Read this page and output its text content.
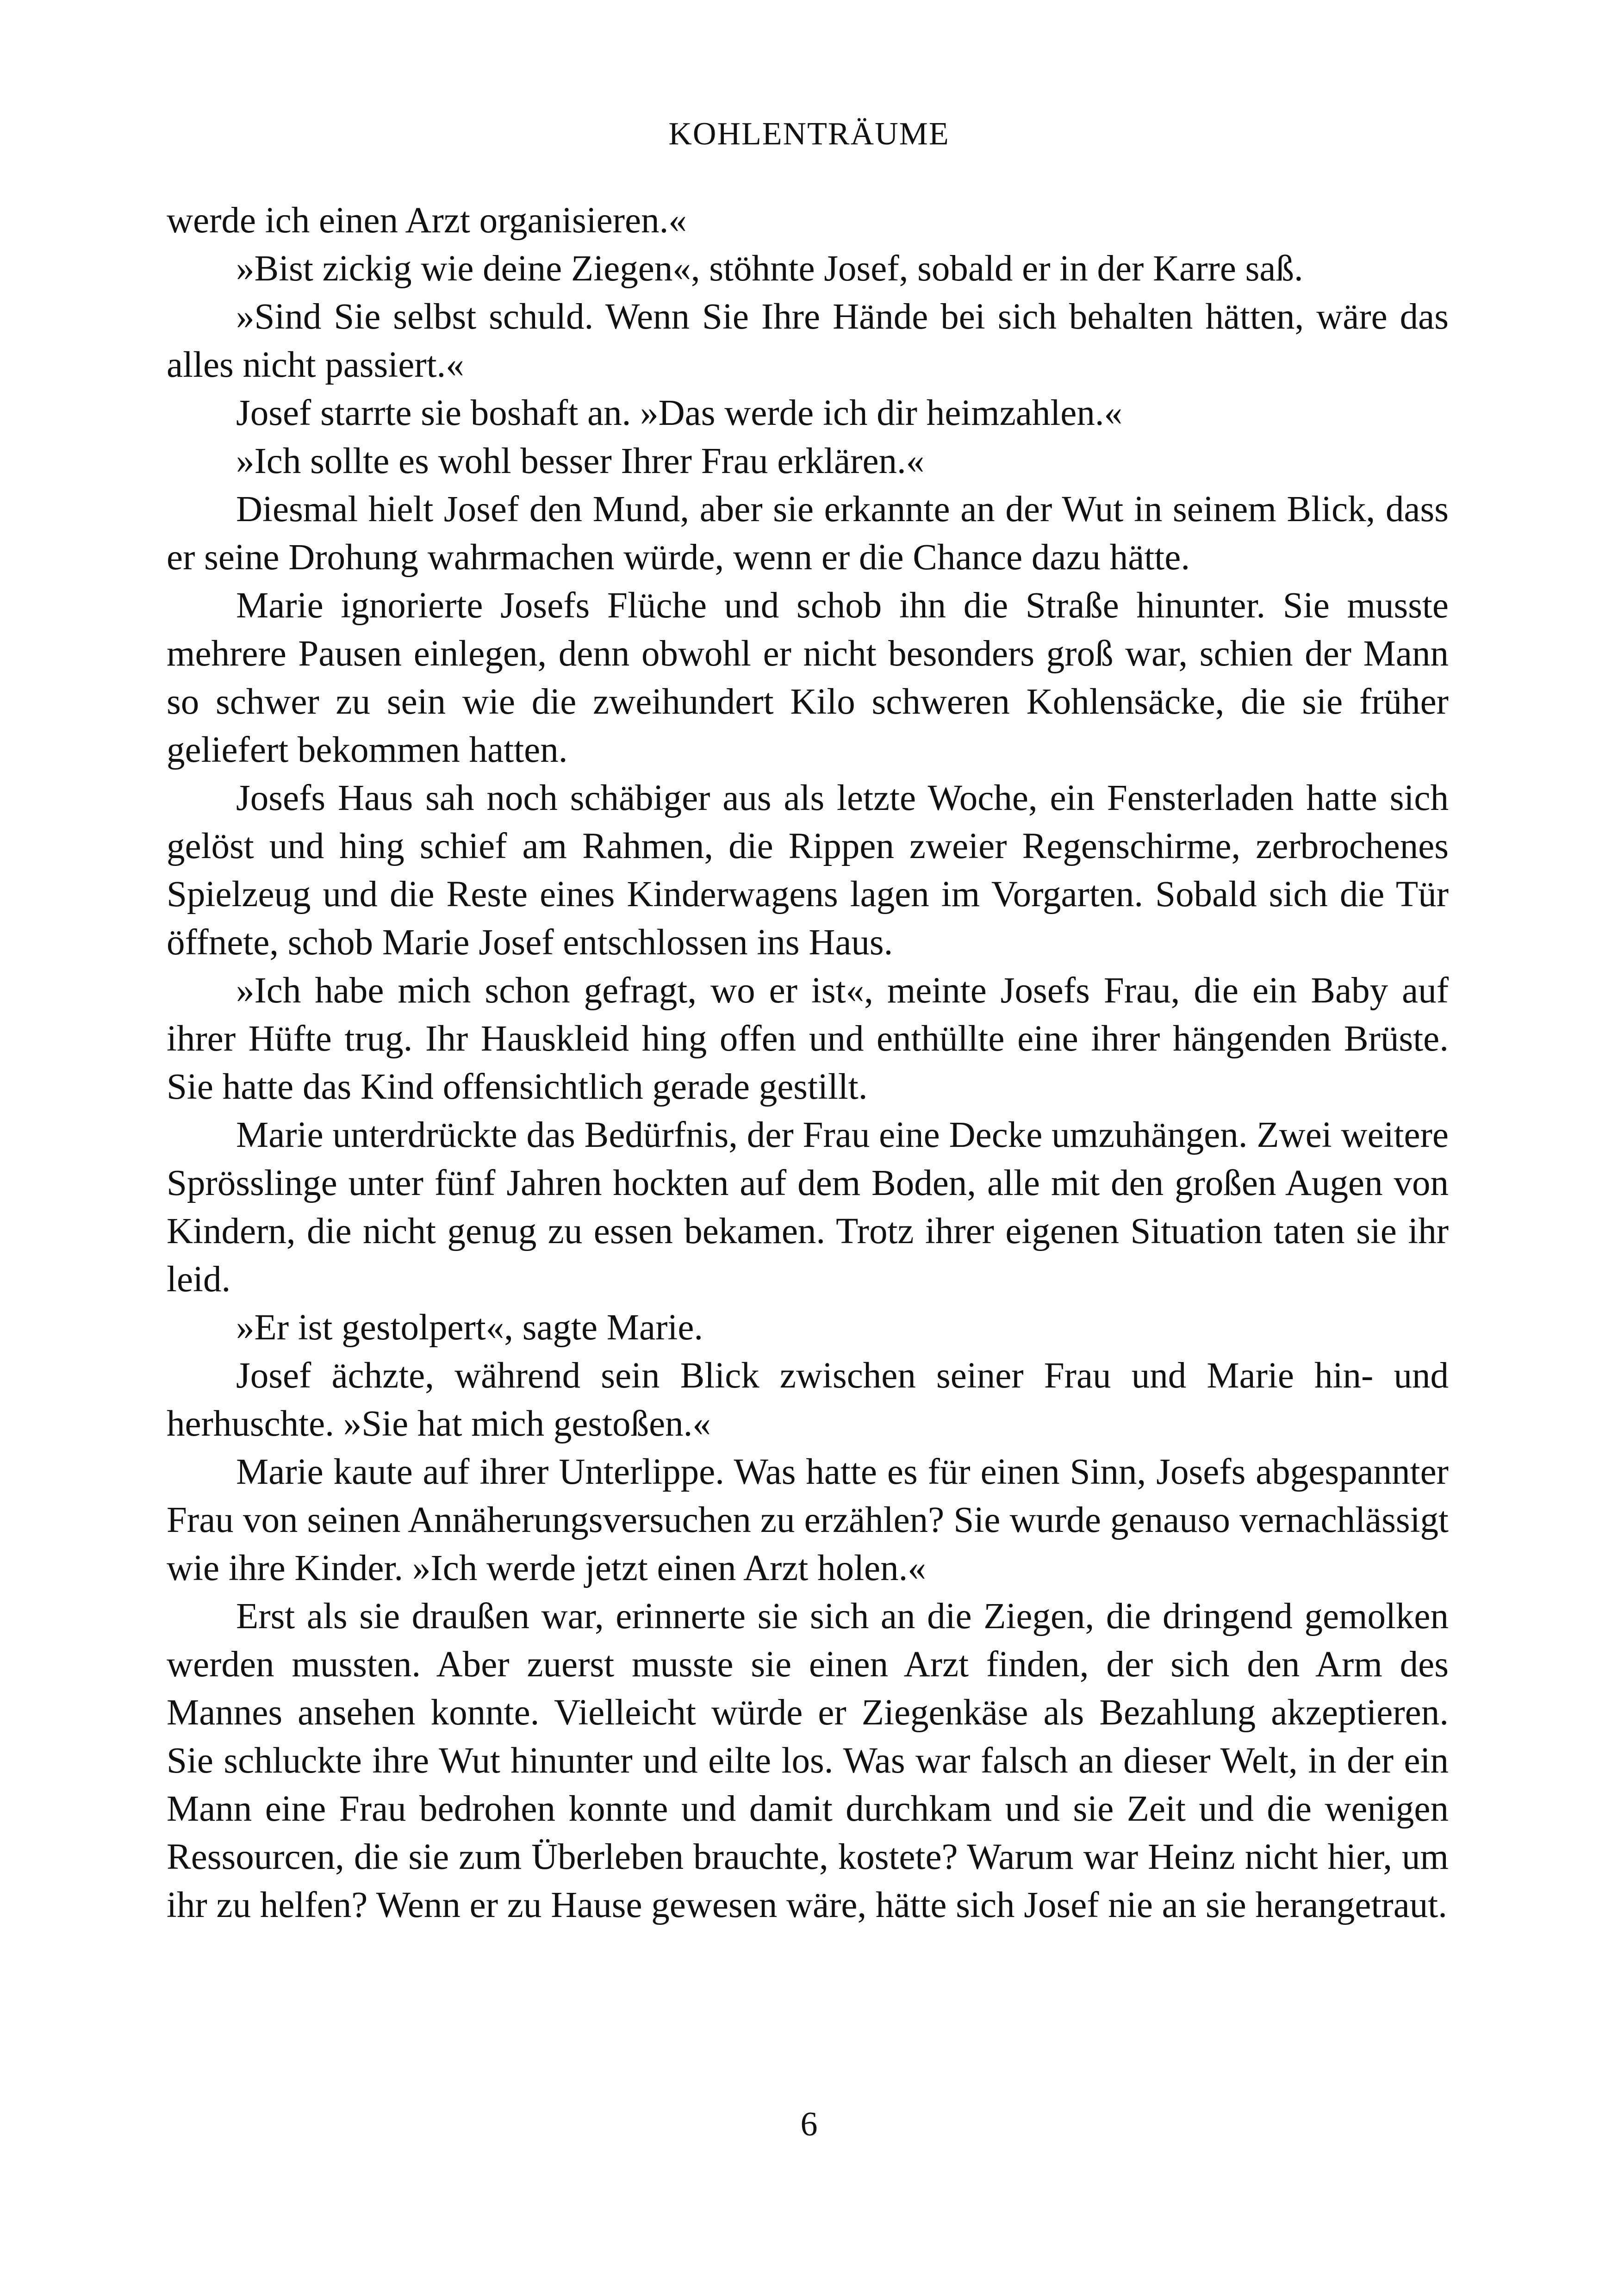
KOHLENTRÄUME

werde ich einen Arzt organisieren.«

»Bist zickig wie deine Ziegen«, stöhnte Josef, sobald er in der Karre saß.

»Sind Sie selbst schuld. Wenn Sie Ihre Hände bei sich behalten hätten, wäre das alles nicht passiert.«

Josef starrte sie boshaft an. »Das werde ich dir heimzahlen.«

»Ich sollte es wohl besser Ihrer Frau erklären.«

Diesmal hielt Josef den Mund, aber sie erkannte an der Wut in seinem Blick, dass er seine Drohung wahrmachen würde, wenn er die Chance dazu hätte.

Marie ignorierte Josefs Flüche und schob ihn die Straße hinunter. Sie musste mehrere Pausen einlegen, denn obwohl er nicht besonders groß war, schien der Mann so schwer zu sein wie die zweihundert Kilo schweren Kohlensäcke, die sie früher geliefert bekommen hatten.

Josefs Haus sah noch schäbiger aus als letzte Woche, ein Fensterladen hatte sich gelöst und hing schief am Rahmen, die Rippen zweier Regenschirme, zerbrochenes Spielzeug und die Reste eines Kinderwagens lagen im Vorgarten. Sobald sich die Tür öffnete, schob Marie Josef entschlossen ins Haus.

»Ich habe mich schon gefragt, wo er ist«, meinte Josefs Frau, die ein Baby auf ihrer Hüfte trug. Ihr Hauskleid hing offen und enthüllte eine ihrer hängenden Brüste. Sie hatte das Kind offensichtlich gerade gestillt.

Marie unterdrückte das Bedürfnis, der Frau eine Decke umzuhängen. Zwei weitere Sprösslinge unter fünf Jahren hockten auf dem Boden, alle mit den großen Augen von Kindern, die nicht genug zu essen bekamen. Trotz ihrer eigenen Situation taten sie ihr leid.

»Er ist gestolpert«, sagte Marie.

Josef ächzte, während sein Blick zwischen seiner Frau und Marie hin- und herhuschte. »Sie hat mich gestoßen.«

Marie kaute auf ihrer Unterlippe. Was hatte es für einen Sinn, Josefs abgespannter Frau von seinen Annäherungsversuchen zu erzählen? Sie wurde genauso vernachlässigt wie ihre Kinder. »Ich werde jetzt einen Arzt holen.«

Erst als sie draußen war, erinnerte sie sich an die Ziegen, die dringend gemolken werden mussten. Aber zuerst musste sie einen Arzt finden, der sich den Arm des Mannes ansehen konnte. Vielleicht würde er Ziegenkäse als Bezahlung akzeptieren. Sie schluckte ihre Wut hinunter und eilte los. Was war falsch an dieser Welt, in der ein Mann eine Frau bedrohen konnte und damit durchkam und sie Zeit und die wenigen Ressourcen, die sie zum Überleben brauchte, kostete? Warum war Heinz nicht hier, um ihr zu helfen? Wenn er zu Hause gewesen wäre, hätte sich Josef nie an sie herangetraut.

6
